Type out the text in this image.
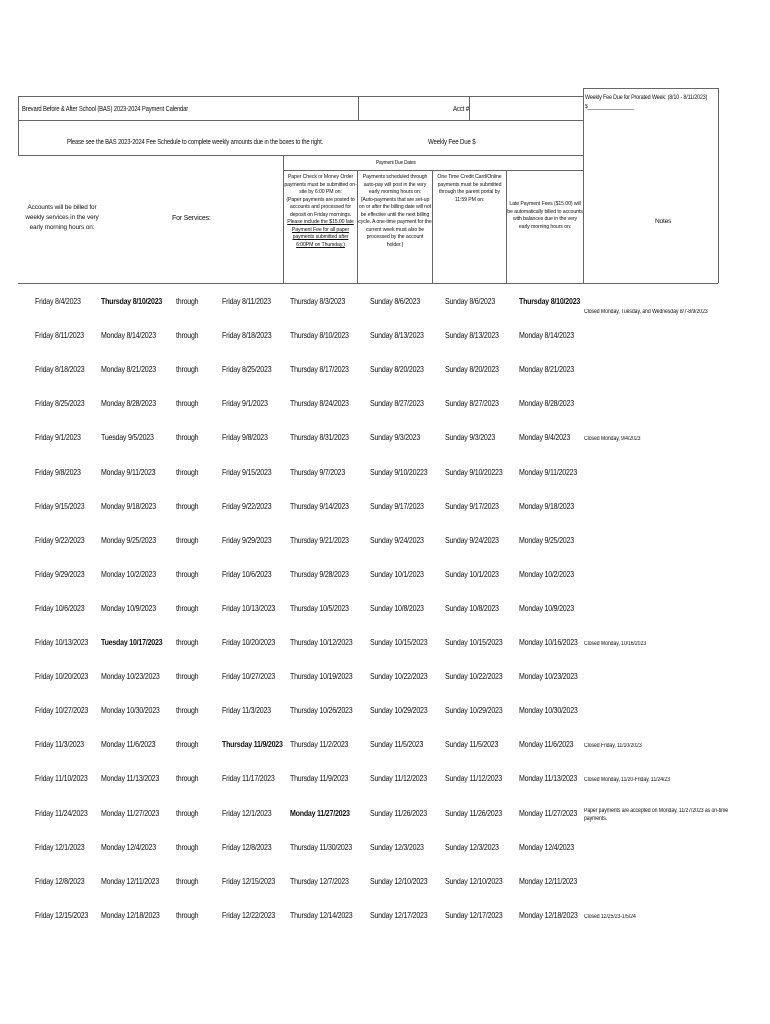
Brevard Before & After School (BAS) 2023-2024 Payment Calendar	Acct #
Weekly Fee Due for Prorated Week: (8/10 - 8/11/2023)
$__________________
Please see the BAS 2023-2024 Fee Schedule to complete weekly amounts due in the boxes to the right.	Weekly Fee Due $
Payment Due Dates
Accounts will be billed for weekly services in the very early morning hours on:
For Services:
Paper Check or Money Order payments must be submitted on-site by 6:00 PM on:
(Paper payments are posted to accounts and processed for deposit on Friday mornings. Please include the $15.00 late Payment Fee for all paper payments submitted after 6:00PM on Thursday.)
Payments scheduled through auto-pay will post in the very early morning hours on:
(Auto-payments that are set-up on or after the billing date will not be effective until the next billing cycle. A one-time payment for the current week must also be processed by the account holder.)
One Time Credit Card/Online payments must be submitted through the parent portal by 11:59 PM on:
Late Payment Fees ($15.00) will be automatically billed to accounts with balances due in the very early morning hours on:
Notes
Friday 8/4/2023 Thursday 8/10/2023 through	Friday 8/11/2023 Thursday 8/3/2023	Sunday 8/6/2023	Sunday 8/6/2023	Thursday 8/10/2023
Friday 8/11/2023 Monday 8/14/2023 through	Friday 8/18/2023 Thursday 8/10/2023	Sunday 8/13/2023	Sunday 8/13/2023 Monday 8/14/2023
Friday 8/18/2023 Monday 8/21/2023 through	Friday 8/25/2023 Thursday 8/17/2023	Sunday 8/20/2023	Sunday 8/20/2023 Monday 8/21/2023
Friday 8/25/2023 Monday 8/28/2023 through	Friday 9/1/2023	Thursday 8/24/2023	Sunday 8/27/2023	Sunday 8/27/2023 Monday 8/28/2023
Friday 9/1/2023 Tuesday 9/5/2023	through	Friday 9/8/2023	Thursday 8/31/2023	Sunday 9/3/2023	Sunday 9/3/2023	Monday 9/4/2023 Closed Monday, 9/4/2023
Friday 9/8/2023 Monday 9/11/2023	through	Friday 9/15/2023 Thursday 9/7/2023	Sunday 9/10/20223 Sunday 9/10/20223 Monday 9/11/20223
Friday 9/15/2023 Monday 9/18/2023 through	Friday 9/22/2023 Thursday 9/14/2023	Sunday 9/17/2023	Sunday 9/17/2023 Monday 9/18/2023
Friday 9/22/2023 Monday 9/25/2023 through	Friday 9/29/2023 Thursday 9/21/2023	Sunday 9/24/2023	Sunday 9/24/2023 Monday 9/25/2023
Friday 9/29/2023 Monday 10/2/2023 through	Friday 10/6/2023 Thursday 9/28/2023	Sunday 10/1/2023	Sunday 10/1/2023 Monday 10/2/2023
Friday 10/6/2023 Monday 10/9/2023 through	Friday 10/13/2023 Thursday 10/5/2023	Sunday 10/8/2023	Sunday 10/8/2023 Monday 10/9/2023
Friday 10/13/2023 Tuesday 10/17/2023 through	Friday 10/20/2023 Thursday 10/12/2023 Sunday 10/15/2023 Sunday 10/15/2023 Monday 10/16/2023 Closed Monday, 10/16/2023
Friday 10/20/2023 Monday 10/23/2023 through	Friday 10/27/2023 Thursday 10/19/2023 Sunday 10/22/2023 Sunday 10/22/2023 Monday 10/23/2023
Friday 10/27/2023 Monday 10/30/2023 through	Friday 11/3/2023 Thursday 10/26/2023 Sunday 10/29/2023 Sunday 10/29/2023 Monday 10/30/2023
Friday 11/3/2023 Monday 11/6/2023	through	Thursday 11/9/2023 Thursday 11/2/2023	Sunday 11/5/2023	Sunday 11/5/2023	Monday 11/6/2023 Closed Friday, 11/10/2023
Friday 11/10/2023 Monday 11/13/2023 through	Friday 11/17/2023 Thursday 11/9/2023	Sunday 11/12/2023 Sunday 11/12/2023 Monday 11/13/2023 Closed Monday, 11/20-Friday, 11/24/23
Friday 11/24/2023 Monday 11/27/2023 through	Friday 12/1/2023 Monday 11/27/2023 Sunday 11/26/2023 Sunday 11/26/2023 Monday 11/27/2023 Paper payments are accepted on Monday, 11/27/2023 as on-time payments.
Friday 12/1/2023 Monday 12/4/2023 through	Friday 12/8/2023 Thursday 11/30/2023 Sunday 12/3/2023	Sunday 12/3/2023 Monday 12/4/2023
Friday 12/8/2023 Monday 12/11/2023 through	Friday 12/15/2023 Thursday 12/7/2023	Sunday 12/10/2023 Sunday 12/10/2023 Monday 12/11/2023
Friday 12/15/2023 Monday 12/18/2023 through	Friday 12/22/2023 Thursday 12/14/2023 Sunday 12/17/2023 Sunday 12/17/2023 Monday 12/18/2023 Closed 12/25/23-1/5/24
Closed Monday, Tuesday, and Wednesday 8/7-8/9/2023
